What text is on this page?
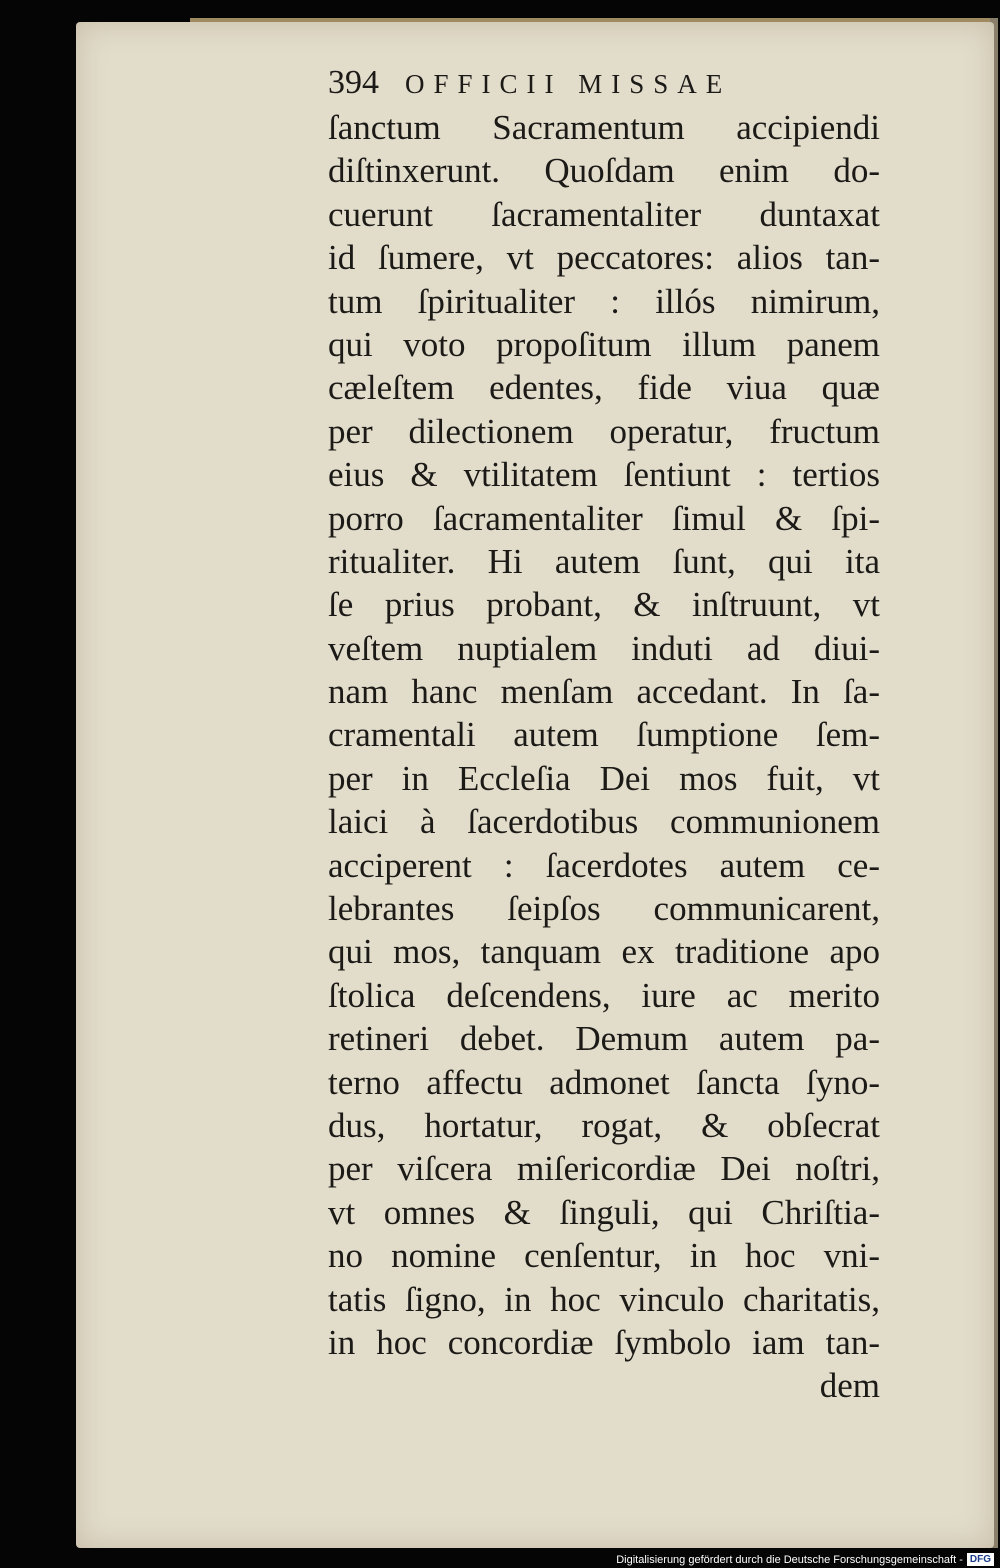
394 OFFICII MISSAE
ſanctum Sacramentum accipiendi
diſtinxerunt. Quoſdam enim do-
cuerunt ſacramentaliter duntaxat
id ſumere, vt peccatores: alios tan-
tum ſpiritualiter : illós nimirum,
qui voto propoſitum illum panem
cæleſtem edentes, fide viua quæ
per dilectionem operatur, fructum
eius & vtilitatem ſentiunt : tertios
porro ſacramentaliter ſimul & ſpi-
ritualiter. Hi autem ſunt, qui ita
ſe prius probant, & inſtruunt, vt
veſtem nuptialem induti ad diui-
nam hanc menſam accedant. In ſa-
cramentali autem ſumptione ſem-
per in Eccleſia Dei mos fuit, vt
laici à ſacerdotibus communionem
acciperent : ſacerdotes autem ce-
lebrantes ſeipſos communicarent,
qui mos, tanquam ex traditione apo
ſtolica deſcendens, iure ac merito
retineri debet. Demum autem pa-
terno affectu admonet ſancta ſyno-
dus, hortatur, rogat, & obſecrat
per viſcera miſericordiæ Dei noſtri,
vt omnes & ſinguli, qui Chriſtia-
no nomine cenſentur, in hoc vni-
tatis ſigno, in hoc vinculo charitatis,
in hoc concordiæ ſymbolo iam tan-
dem
Digitalisierung gefördert durch die Deutsche Forschungsgemeinschaft - DFG
